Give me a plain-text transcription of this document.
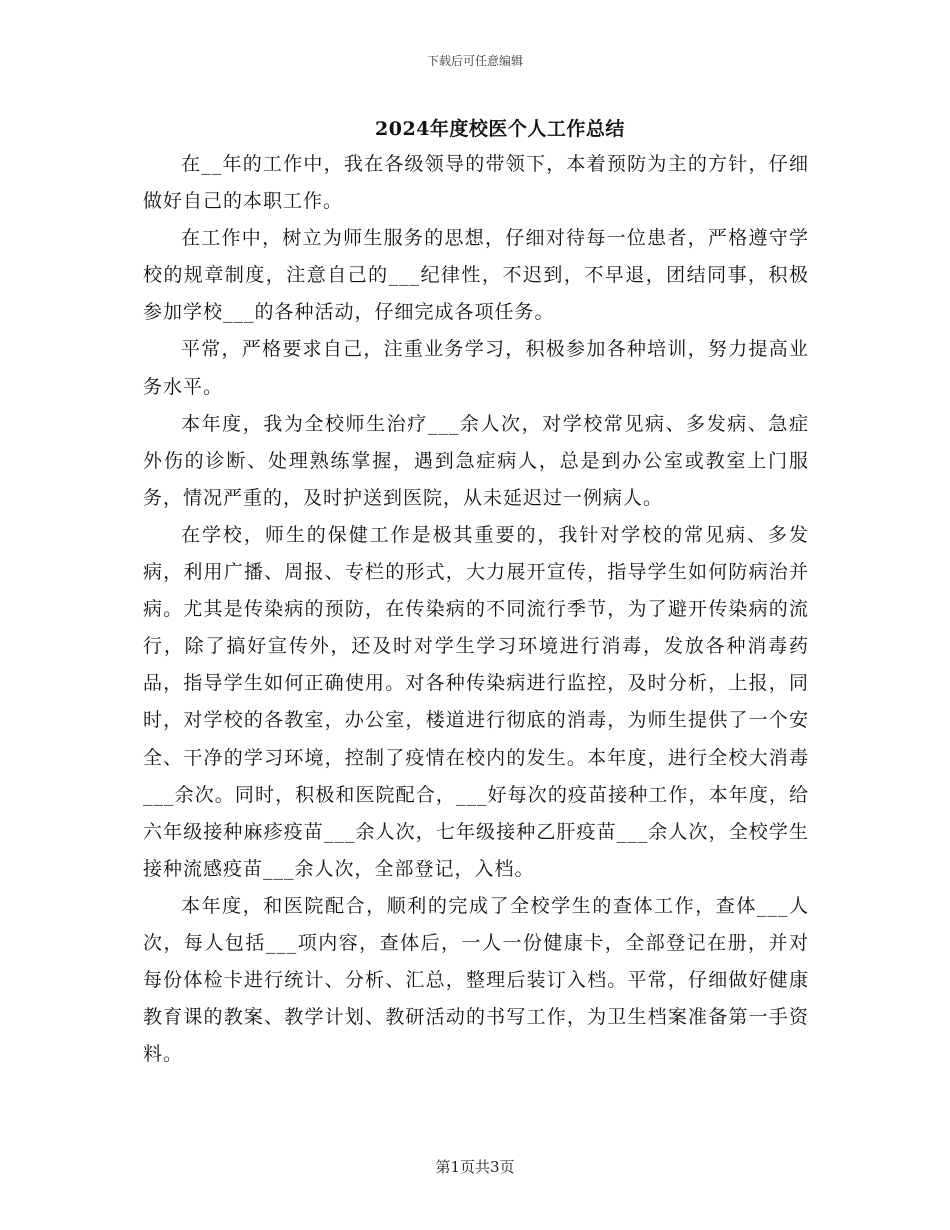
下载后可任意编辑
2024年度校医个人工作总结

在__年的工作中，我在各级领导的带领下，本着预防为主的方针，仔细做好自己的本职工作。

在工作中，树立为师生服务的思想，仔细对待每一位患者，严格遵守学校的规章制度，注意自己的___纪律性，不迟到，不早退，团结同事，积极参加学校___的各种活动，仔细完成各项任务。

平常，严格要求自己，注重业务学习，积极参加各种培训，努力提高业务水平。

本年度，我为全校师生治疗___余人次，对学校常见病、多发病、急症外伤的诊断、处理熟练掌握，遇到急症病人，总是到办公室或教室上门服务，情况严重的，及时护送到医院，从未延迟过一例病人。

在学校，师生的保健工作是极其重要的，我针对学校的常见病、多发病，利用广播、周报、专栏的形式，大力展开宣传，指导学生如何防病治并病。尤其是传染病的预防，在传染病的不同流行季节，为了避开传染病的流行，除了搞好宣传外，还及时对学生学习环境进行消毒，发放各种消毒药品，指导学生如何正确使用。对各种传染病进行监控，及时分析，上报，同时，对学校的各教室，办公室，楼道进行彻底的消毒，为师生提供了一个安全、干净的学习环境，控制了疫情在校内的发生。本年度，进行全校大消毒___余次。同时，积极和医院配合，___好每次的疫苗接种工作，本年度，给六年级接种麻疹疫苗___余人次，七年级接种乙肝疫苗___余人次，全校学生接种流感疫苗___余人次，全部登记，入档。

本年度，和医院配合，顺利的完成了全校学生的查体工作，查体___人次，每人包括___项内容，查体后，一人一份健康卡，全部登记在册，并对每份体检卡进行统计、分析、汇总，整理后装订入档。平常，仔细做好健康教育课的教案、教学计划、教研活动的书写工作，为卫生档案准备第一手资料。

第1页共3页
